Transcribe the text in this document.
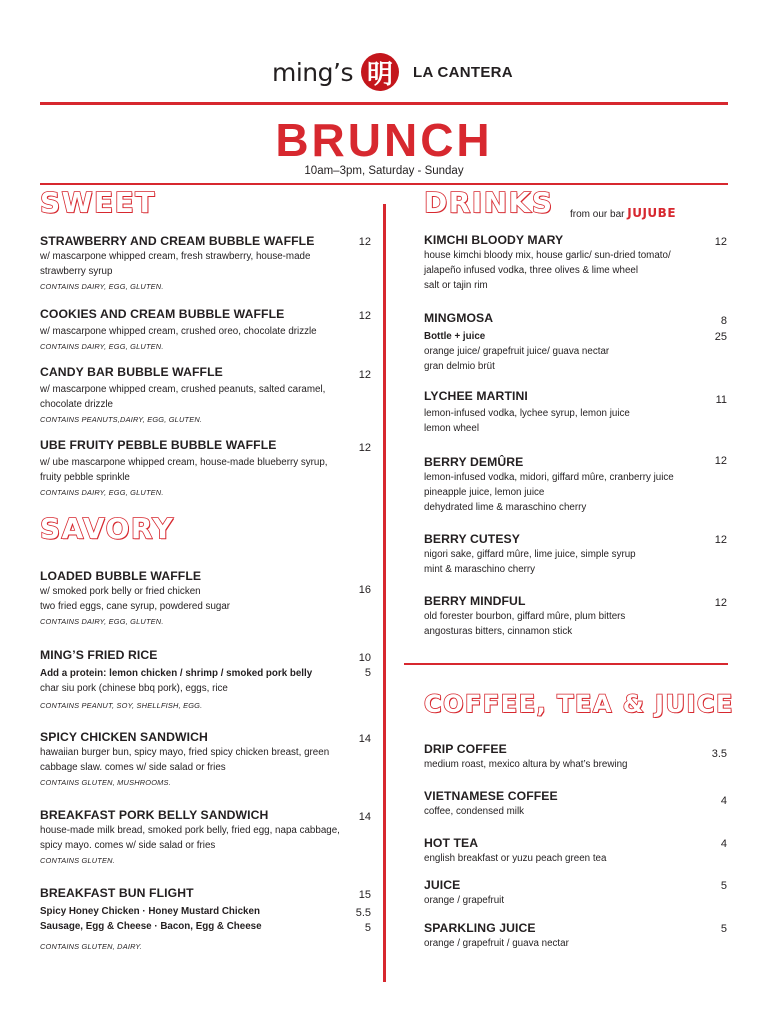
ming’s 明	LA CANTERA
BRUNCH
10am–3pm, Saturday - Sunday
SWEET
SAVORY
DRINKS from our bar JUJUBE
COFFEE, TEA & JUICE
STRAWBERRY AND CREAM BUBBLE WAFFLE
w/ mascarpone whipped cream, fresh strawberry, house-made
strawberry syrup
CONTAINS DAIRY, EGG, GLUTEN.
12
COOKIES AND CREAM BUBBLE WAFFLE
w/ mascarpone whipped cream, crushed oreo, chocolate drizzle
CONTAINS DAIRY, EGG, GLUTEN.
12
CANDY BAR BUBBLE WAFFLE
w/ mascarpone whipped cream, crushed peanuts, salted caramel,
chocolate drizzle
CONTAINS PEANUTS,DAIRY, EGG, GLUTEN.
12
UBE FRUITY PEBBLE BUBBLE WAFFLE
w/ ube mascarpone whipped cream, house-made blueberry syrup,
fruity pebble sprinkle
CONTAINS DAIRY, EGG, GLUTEN.
12
LOADED BUBBLE WAFFLE
w/ smoked pork belly or fried chicken
two fried eggs, cane syrup, powdered sugar
CONTAINS DAIRY, EGG, GLUTEN.
16
MING’S FRIED RICE
Add a protein: lemon chicken / shrimp / smoked pork belly
char siu pork (chinese bbq pork), eggs, rice
CONTAINS PEANUT, SOY, SHELLFISH, EGG.
10
5
SPICY CHICKEN SANDWICH
hawaiian burger bun, spicy mayo, fried spicy chicken breast, green
cabbage slaw. comes w/ side salad or fries
CONTAINS GLUTEN, MUSHROOMS.
14
BREAKFAST PORK BELLY SANDWICH
house-made milk bread, smoked pork belly, fried egg, napa cabbage,
spicy mayo. comes w/ side salad or fries
CONTAINS GLUTEN.
14
BREAKFAST BUN FLIGHT
Spicy Honey Chicken · Honey Mustard Chicken
Sausage, Egg & Cheese · Bacon, Egg & Cheese
CONTAINS GLUTEN, DAIRY.
15
5.5
5
KIMCHI BLOODY MARY
house kimchi bloody mix, house garlic/ sun-dried tomato/
jalapeño infused vodka, three olives & lime wheel
salt or tajin rim
12
MINGMOSA
Bottle + juice
orange juice/ grapefruit juice/ guava nectar
gran delmio brüt
8
25
LYCHEE MARTINI
lemon-infused vodka, lychee syrup, lemon juice
lemon wheel
11
BERRY DEMÛRE
lemon-infused vodka, midori, giffard mûre, cranberry juice
pineapple juice, lemon juice
dehydrated lime & maraschino cherry
12
BERRY CUTESY
nigori sake, giffard mûre, lime juice, simple syrup
mint & maraschino cherry
12
BERRY MINDFUL
old forester bourbon, giffard mûre, plum bitters
angosturas bitters, cinnamon stick
12
DRIP COFFEE
medium roast, mexico altura by what’s brewing
3.5
VIETNAMESE COFFEE
coffee, condensed milk
4
HOT TEA
english breakfast or yuzu peach green tea
4
JUICE
orange / grapefruit
5
SPARKLING JUICE
orange / grapefruit / guava nectar
5
